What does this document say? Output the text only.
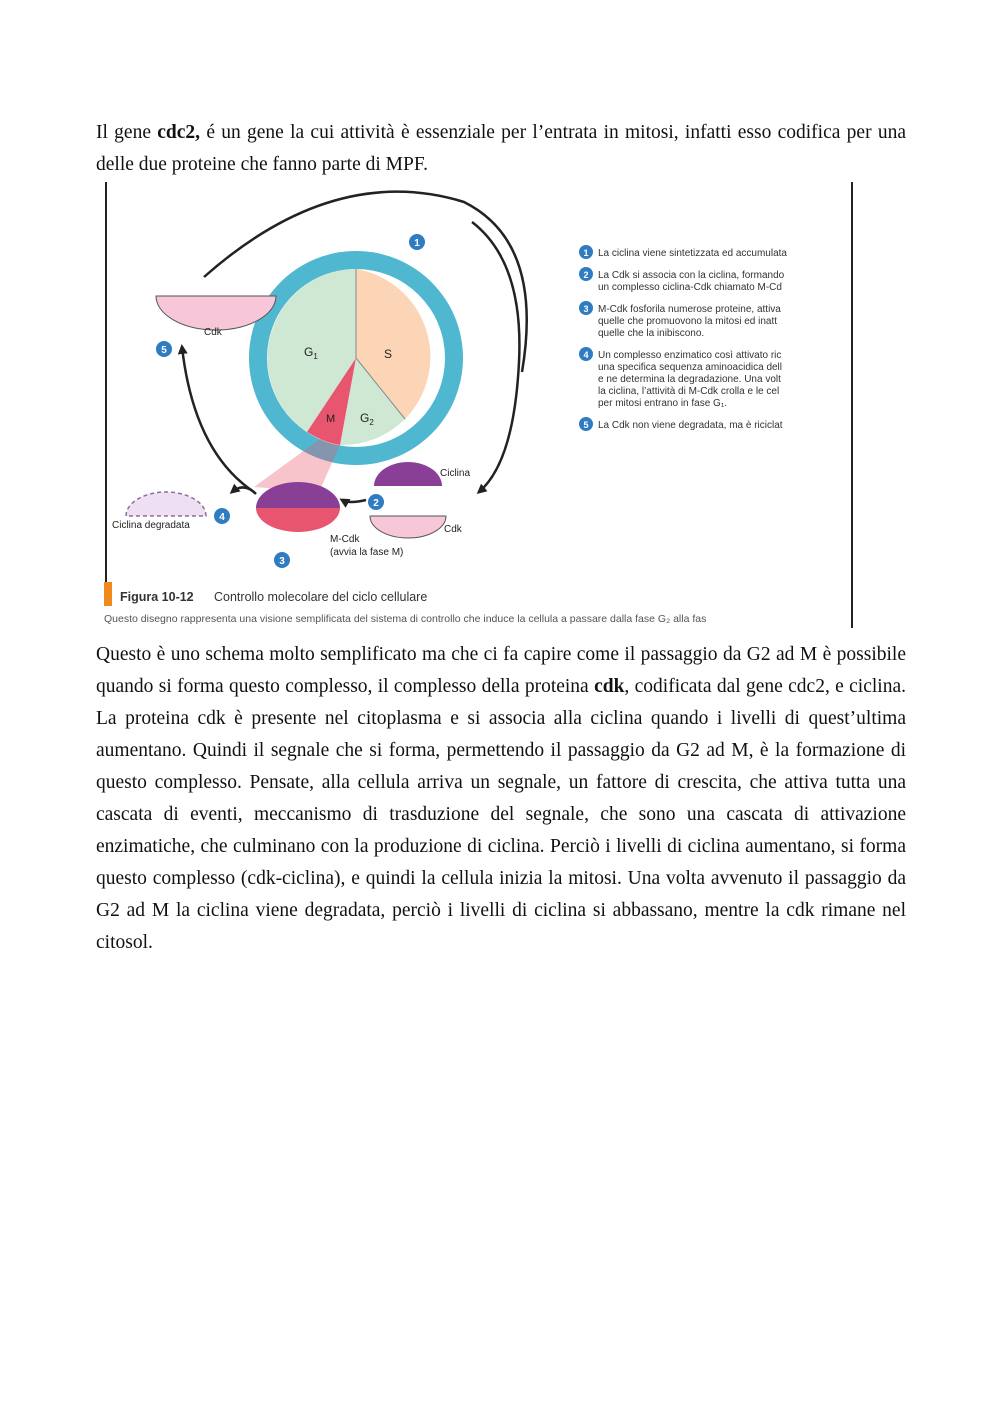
Il gene cdc2, é un gene la cui attività è essenziale per l’entrata in mitosi, infatti esso codifica per una delle due proteine che fanno parte di MPF.

$G_1$	S
$G_2$
M
Cdk
Ciclina
Cdk
M-Cdk
(avvia la fase M)
Ciclina degradata
1
2
3
4
5
1 La ciclina viene sintetizzata ed accumulata
2 La Cdk si associa con la ciclina, formando
un complesso ciclina-Cdk chiamato M-Cd
3 M-Cdk fosforila numerose proteine, attiva
quelle che promuovono la mitosi ed inatt
quelle che la inibiscono.
4 Un complesso enzimatico così attivato ric
una specifica sequenza aminoacidica dell
e ne determina la degradazione. Una volt
la ciclina, l’attività di M-Cdk crolla e le cel
per mitosi entrano in fase G₁.
5 La Cdk non viene degradata, ma è riciclat
Figura 10-12 Controllo molecolare del ciclo cellulare
Questo disegno rappresenta una visione semplificata del sistema di controllo che induce la cellula a passare dalla fase G₂ alla fas

Questo è uno schema molto semplificato ma che ci fa capire come il passaggio da G2 ad M è possibile quando si forma questo complesso, il complesso della proteina cdk, codificata dal gene cdc2, e ciclina. La proteina cdk è presente nel citoplasma e si associa alla ciclina quando i livelli di quest’ultima aumentano. Quindi il segnale che si forma, permettendo il passaggio da G2 ad M, è la formazione di questo complesso. Pensate, alla cellula arriva un segnale, un fattore di crescita, che attiva tutta una cascata di eventi, meccanismo di trasduzione del segnale, che sono una cascata di attivazione enzimatiche, che culminano con la produzione di ciclina. Perciò i livelli di ciclina aumentano, si forma questo complesso (cdk-ciclina), e quindi la cellula inizia la mitosi. Una volta avvenuto il passaggio da G2 ad M la ciclina viene degradata, perciò i livelli di ciclina si abbassano, mentre la cdk rimane nel citosol.
